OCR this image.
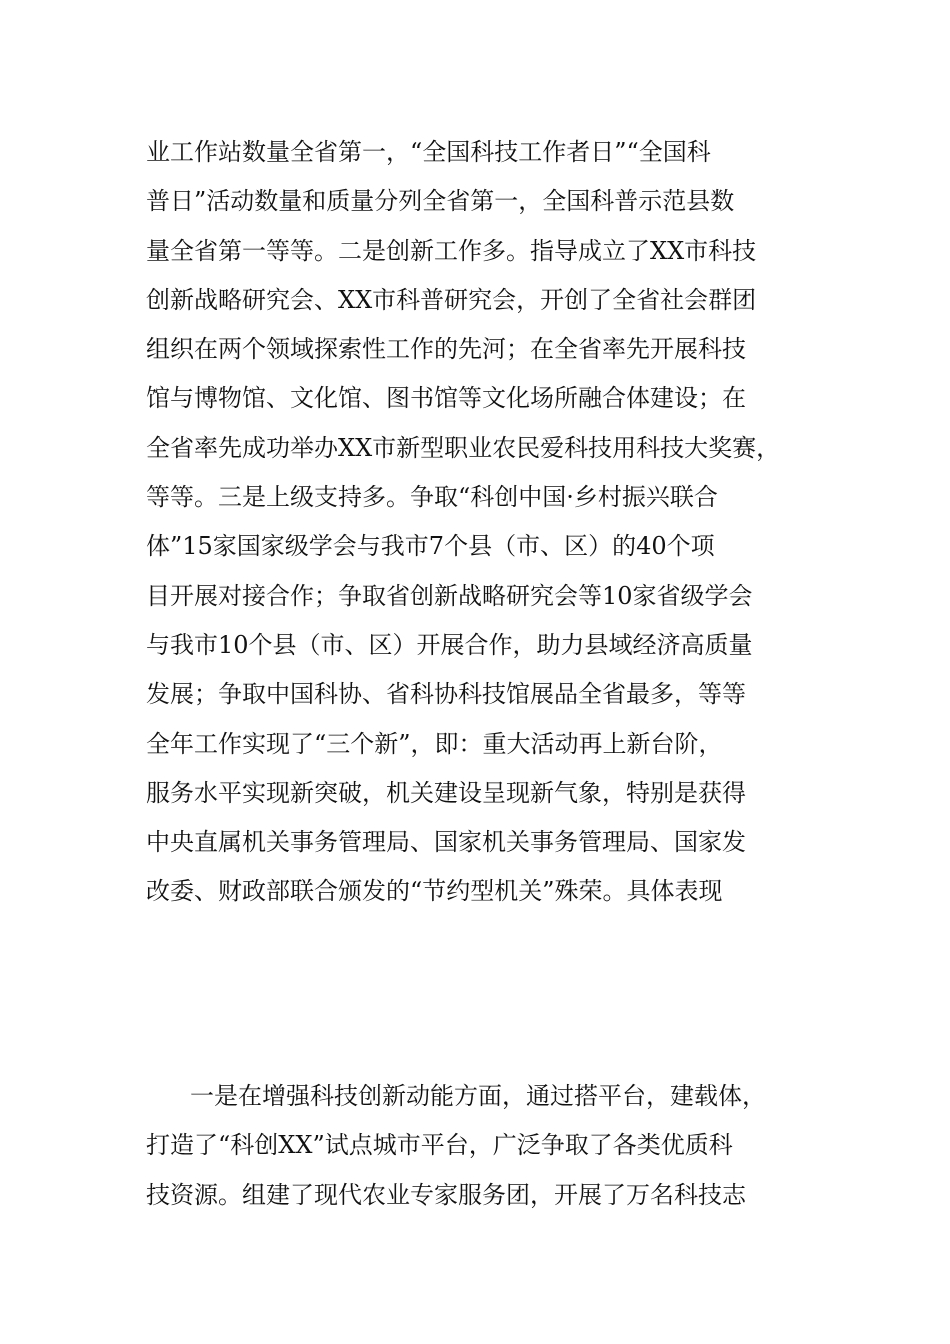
业工作站数量全省第一，“全国科技工作者日”“全国科
普日”活动数量和质量分列全省第一，全国科普示范县数
量全省第一等等。二是创新工作多。指导成立了XX市科技
创新战略研究会、XX市科普研究会，开创了全省社会群团
组织在两个领域探索性工作的先河；在全省率先开展科技
馆与博物馆、文化馆、图书馆等文化场所融合体建设；在
全省率先成功举办XX市新型职业农民爱科技用科技大奖赛，
等等。三是上级支持多。争取“科创中国·乡村振兴联合
体”15家国家级学会与我市7个县（市、区）的40个项
目开展对接合作；争取省创新战略研究会等10家省级学会
与我市10个县（市、区）开展合作，助力县域经济高质量
发展；争取中国科协、省科协科技馆展品全省最多，等等
全年工作实现了“三个新”，即：重大活动再上新台阶，
服务水平实现新突破，机关建设呈现新气象，特别是获得
中央直属机关事务管理局、国家机关事务管理局、国家发
改委、财政部联合颁发的“节约型机关”殊荣。具体表现
一是在增强科技创新动能方面，通过搭平台，建载体，
打造了“科创XX”试点城市平台，广泛争取了各类优质科
技资源。组建了现代农业专家服务团，开展了万名科技志
